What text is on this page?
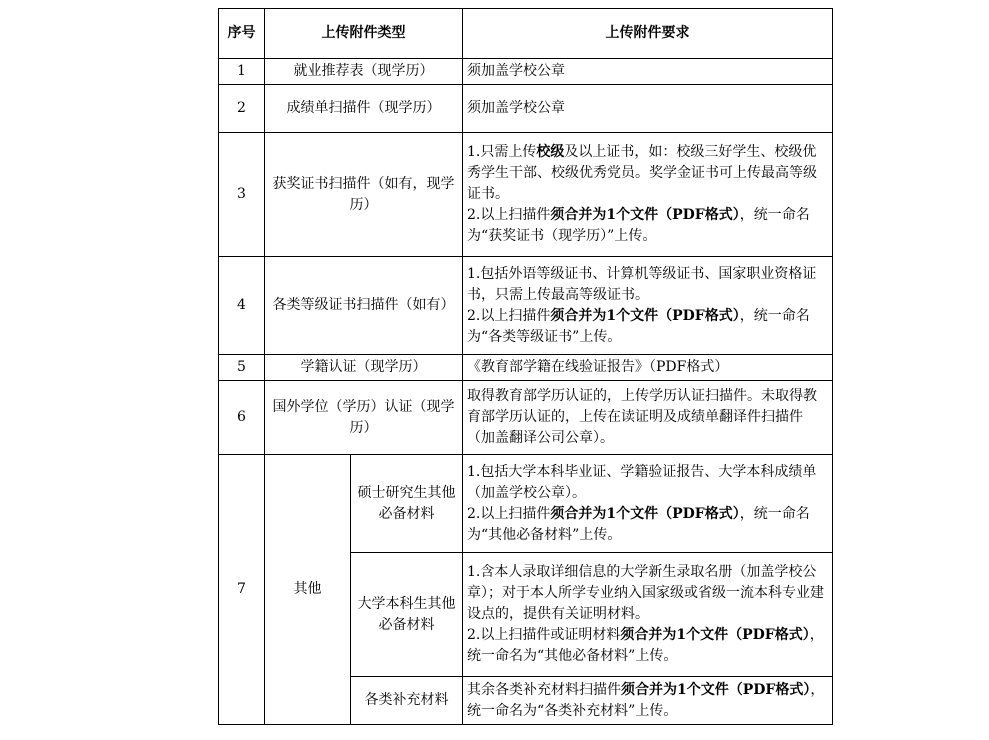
序号	上传附件类型		上传附件要求
1	就业推荐表（现学历）		须加盖学校公章
2	成绩单扫描件（现学历）		须加盖学校公章
3	获奖证书扫描件（如有，现学历）		1.只需上传校级及以上证书，如：校级三好学生、校级优秀学生干部、校级优秀党员。奖学金证书可上传最高等级证书。
2.以上扫描件须合并为1个文件（PDF格式），统一命名为“获奖证书（现学历）”上传。

4	各类等级证书扫描件（如有）		1.包括外语等级证书、计算机等级证书、国家职业资格证书，只需上传最高等级证书。
2.以上扫描件须合并为1个文件（PDF格式），统一命名为“各类等级证书”上传。

5	学籍认证（现学历）		《教育部学籍在线验证报告》（PDF格式）
6	国外学位（学历）认证（现学历）		取得教育部学历认证的，上传学历认证扫描件。未取得教育部学历认证的，上传在读证明及成绩单翻译件扫描件（加盖翻译公司公章）。
7	其他	硕士研究生其他必备材料	1.包括大学本科毕业证、学籍验证报告、大学本科成绩单（加盖学校公章）。
2.以上扫描件须合并为1个文件（PDF格式），统一命名为“其他必备材料”上传。

		大学本科生其他必备材料	1.含本人录取详细信息的大学新生录取名册（加盖学校公章）；对于本人所学专业纳入国家级或省级一流本科专业建设点的，提供有关证明材料。
2.以上扫描件或证明材料须合并为1个文件（PDF格式），统一命名为“其他必备材料”上传。

		各类补充材料	其余各类补充材料扫描件须合并为1个文件（PDF格式），统一命名为“各类补充材料”上传。
